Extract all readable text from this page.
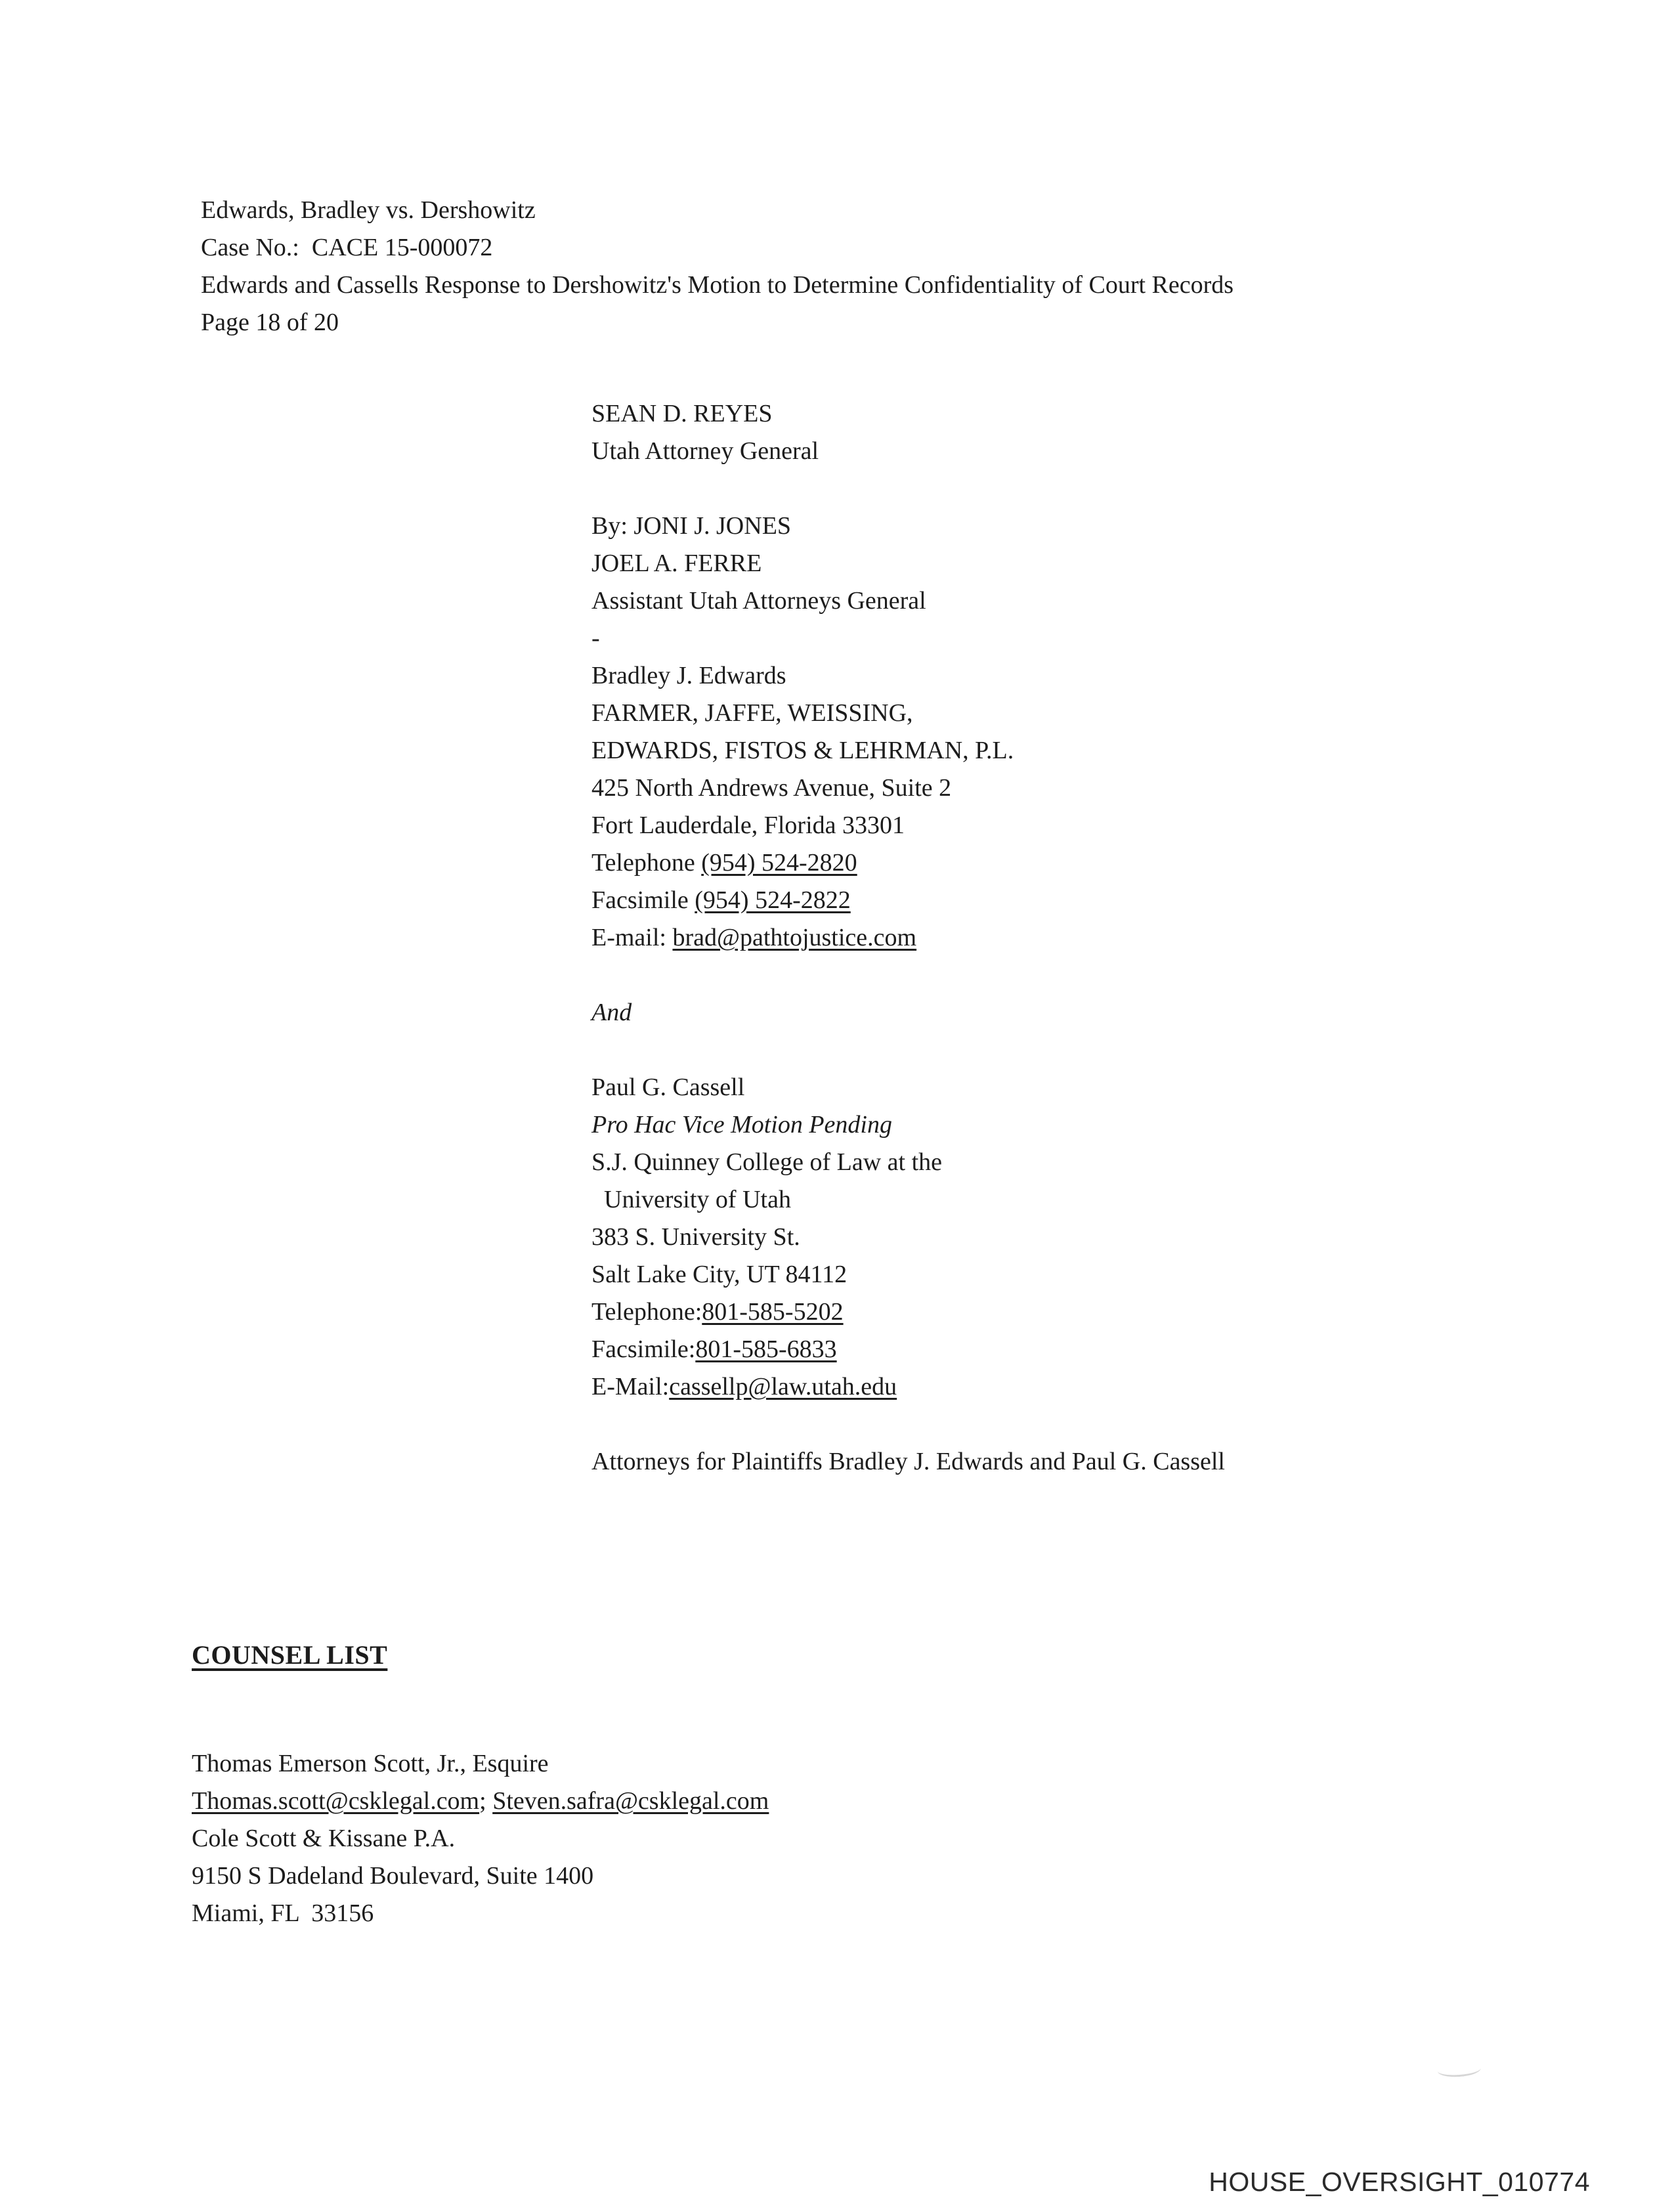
Edwards, Bradley vs. Dershowitz
Case No.:  CACE 15-000072
Edwards and Cassells Response to Dershowitz's Motion to Determine Confidentiality of Court Records
Page 18 of 20
SEAN D. REYES
Utah Attorney General
By: JONI J. JONES
JOEL A. FERRE
Assistant Utah Attorneys General
-
Bradley J. Edwards
FARMER, JAFFE, WEISSING,
EDWARDS, FISTOS & LEHRMAN, P.L.
425 North Andrews Avenue, Suite 2
Fort Lauderdale, Florida 33301
Telephone (954) 524-2820
Facsimile (954) 524-2822
E-mail: brad@pathtojustice.com
And
Paul G. Cassell
Pro Hac Vice Motion Pending
S.J. Quinney College of Law at the
University of Utah
383 S. University St.
Salt Lake City, UT 84112
Telephone:801-585-5202
Facsimile:801-585-6833
E-Mail:cassellp@law.utah.edu
Attorneys for Plaintiffs Bradley J. Edwards and Paul G. Cassell
COUNSEL LIST
Thomas Emerson Scott, Jr., Esquire
Thomas.scott@csklegal.com; Steven.safra@csklegal.com
Cole Scott & Kissane P.A.
9150 S Dadeland Boulevard, Suite 1400
Miami, FL  33156
HOUSE_OVERSIGHT_010774
